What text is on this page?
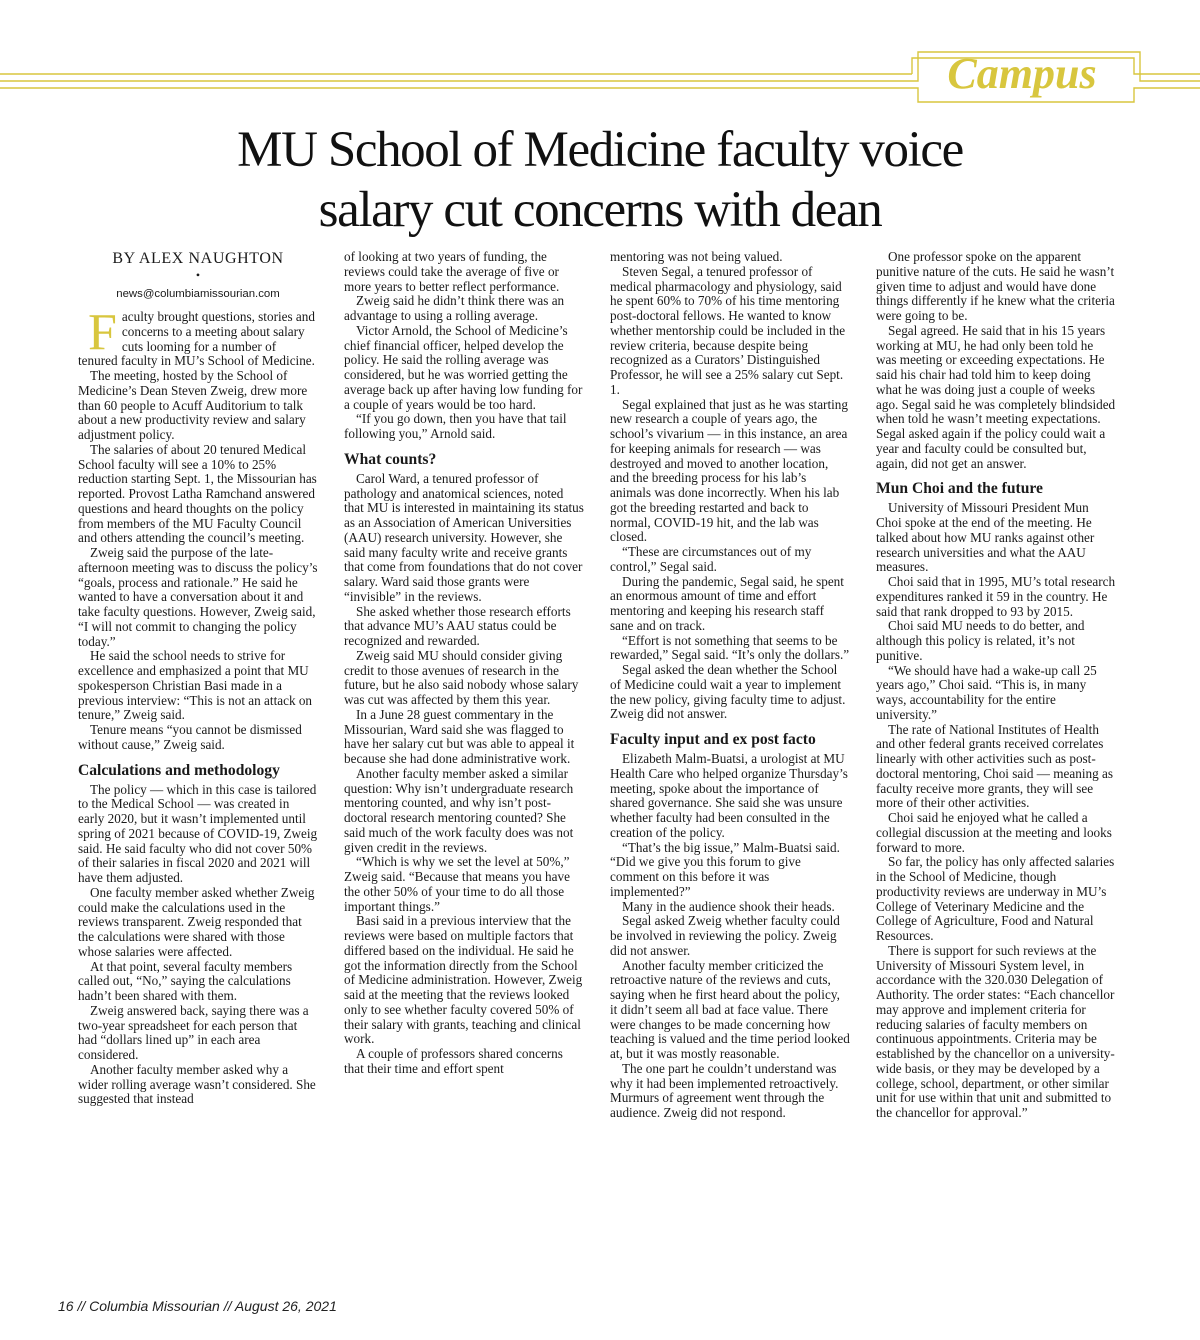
Campus
MU School of Medicine faculty voice
salary cut concerns with dean
BY ALEX NAUGHTON
•
news@columbiamissourian.com

Faculty brought questions, stories and concerns to a meeting about salary cuts looming for a number of tenured faculty in MU’s School of Medicine.

The meeting, hosted by the School of Medicine’s Dean Steven Zweig, drew more than 60 people to Acuff Auditorium to talk about a new productivity review and salary adjustment policy.

The salaries of about 20 tenured Medical School faculty will see a 10% to 25% reduction starting Sept. 1, the Missourian has reported. Provost Latha Ramchand answered questions and heard thoughts on the policy from members of the MU Faculty Council and others attending the council’s meeting.

Zweig said the purpose of the late-afternoon meeting was to discuss the policy’s “goals, process and rationale.” He said he wanted to have a conversation about it and take faculty questions. However, Zweig said, “I will not commit to changing the policy today.”

He said the school needs to strive for excellence and emphasized a point that MU spokesperson Christian Basi made in a previous interview: “This is not an attack on tenure,” Zweig said.

Tenure means “you cannot be dismissed without cause,” Zweig said.

Calculations and methodology

The policy — which in this case is tailored to the Medical School — was created in early 2020, but it wasn’t implemented until spring of 2021 because of COVID-19, Zweig said. He said faculty who did not cover 50% of their salaries in fiscal 2020 and 2021 will have them adjusted.

One faculty member asked whether Zweig could make the calculations used in the reviews transparent. Zweig responded that the calculations were shared with those whose salaries were affected.

At that point, several faculty members called out, “No,” saying the calculations hadn’t been shared with them.

Zweig answered back, saying there was a two-year spreadsheet for each person that had “dollars lined up” in each area considered.

Another faculty member asked why a wider rolling average wasn’t considered. She suggested that instead

of looking at two years of funding, the reviews could take the average of five or more years to better reflect performance.

Zweig said he didn’t think there was an advantage to using a rolling average.

Victor Arnold, the School of Medicine’s chief financial officer, helped develop the policy. He said the rolling average was considered, but he was worried getting the average back up after having low funding for a couple of years would be too hard.

“If you go down, then you have that tail following you,” Arnold said.

What counts?

Carol Ward, a tenured professor of pathology and anatomical sciences, noted that MU is interested in maintaining its status as an Association of American Universities (AAU) research university. However, she said many faculty write and receive grants that come from foundations that do not cover salary. Ward said those grants were “invisible” in the reviews.

She asked whether those research efforts that advance MU’s AAU status could be recognized and rewarded.

Zweig said MU should consider giving credit to those avenues of research in the future, but he also said nobody whose salary was cut was affected by them this year.

In a June 28 guest commentary in the Missourian, Ward said she was flagged to have her salary cut but was able to appeal it because she had done administrative work.

Another faculty member asked a similar question: Why isn’t undergraduate research mentoring counted, and why isn’t post-doctoral research mentoring counted? She said much of the work faculty does was not given credit in the reviews.

“Which is why we set the level at 50%,” Zweig said. “Because that means you have the other 50% of your time to do all those important things.”

Basi said in a previous interview that the reviews were based on multiple factors that differed based on the individual. He said he got the information directly from the School of Medicine administration. However, Zweig said at the meeting that the reviews looked only to see whether faculty covered 50% of their salary with grants, teaching and clinical work.

A couple of professors shared concerns that their time and effort spent

mentoring was not being valued.

Steven Segal, a tenured professor of medical pharmacology and physiology, said he spent 60% to 70% of his time mentoring post-doctoral fellows. He wanted to know whether mentorship could be included in the review criteria, because despite being recognized as a Curators’ Distinguished Professor, he will see a 25% salary cut Sept. 1.

Segal explained that just as he was starting new research a couple of years ago, the school’s vivarium — in this instance, an area for keeping animals for research — was destroyed and moved to another location, and the breeding process for his lab’s animals was done incorrectly. When his lab got the breeding restarted and back to normal, COVID-19 hit, and the lab was closed.

“These are circumstances out of my control,” Segal said.

During the pandemic, Segal said, he spent an enormous amount of time and effort mentoring and keeping his research staff sane and on track.

“Effort is not something that seems to be rewarded,” Segal said. “It’s only the dollars.”

Segal asked the dean whether the School of Medicine could wait a year to implement the new policy, giving faculty time to adjust. Zweig did not answer.

Faculty input and ex post facto

Elizabeth Malm-Buatsi, a urologist at MU Health Care who helped organize Thursday’s meeting, spoke about the importance of shared governance. She said she was unsure whether faculty had been consulted in the creation of the policy.

“That’s the big issue,” Malm-Buatsi said. “Did we give you this forum to give comment on this before it was implemented?”

Many in the audience shook their heads.

Segal asked Zweig whether faculty could be involved in reviewing the policy. Zweig did not answer.

Another faculty member criticized the retroactive nature of the reviews and cuts, saying when he first heard about the policy, it didn’t seem all bad at face value. There were changes to be made concerning how teaching is valued and the time period looked at, but it was mostly reasonable.

The one part he couldn’t understand was why it had been implemented retroactively. Murmurs of agreement went through the audience. Zweig did not respond.

One professor spoke on the apparent punitive nature of the cuts. He said he wasn’t given time to adjust and would have done things differently if he knew what the criteria were going to be.

Segal agreed. He said that in his 15 years working at MU, he had only been told he was meeting or exceeding expectations. He said his chair had told him to keep doing what he was doing just a couple of weeks ago. Segal said he was completely blindsided when told he wasn’t meeting expectations. Segal asked again if the policy could wait a year and faculty could be consulted but, again, did not get an answer.

Mun Choi and the future

University of Missouri President Mun Choi spoke at the end of the meeting. He talked about how MU ranks against other research universities and what the AAU measures.

Choi said that in 1995, MU’s total research expenditures ranked it 59 in the country. He said that rank dropped to 93 by 2015.

Choi said MU needs to do better, and although this policy is related, it’s not punitive.

“We should have had a wake-up call 25 years ago,” Choi said. “This is, in many ways, accountability for the entire university.”

The rate of National Institutes of Health and other federal grants received correlates linearly with other activities such as post-doctoral mentoring, Choi said — meaning as faculty receive more grants, they will see more of their other activities.

Choi said he enjoyed what he called a collegial discussion at the meeting and looks forward to more.

So far, the policy has only affected salaries in the School of Medicine, though productivity reviews are underway in MU’s College of Veterinary Medicine and the College of Agriculture, Food and Natural Resources.

There is support for such reviews at the University of Missouri System level, in accordance with the 320.030 Delegation of Authority. The order states: “Each chancellor may approve and implement criteria for reducing salaries of faculty members on continuous appointments. Criteria may be established by the chancellor on a university-wide basis, or they may be developed by a college, school, department, or other similar unit for use within that unit and submitted to the chancellor for approval.”

16 // Columbia Missourian // August 26, 2021
